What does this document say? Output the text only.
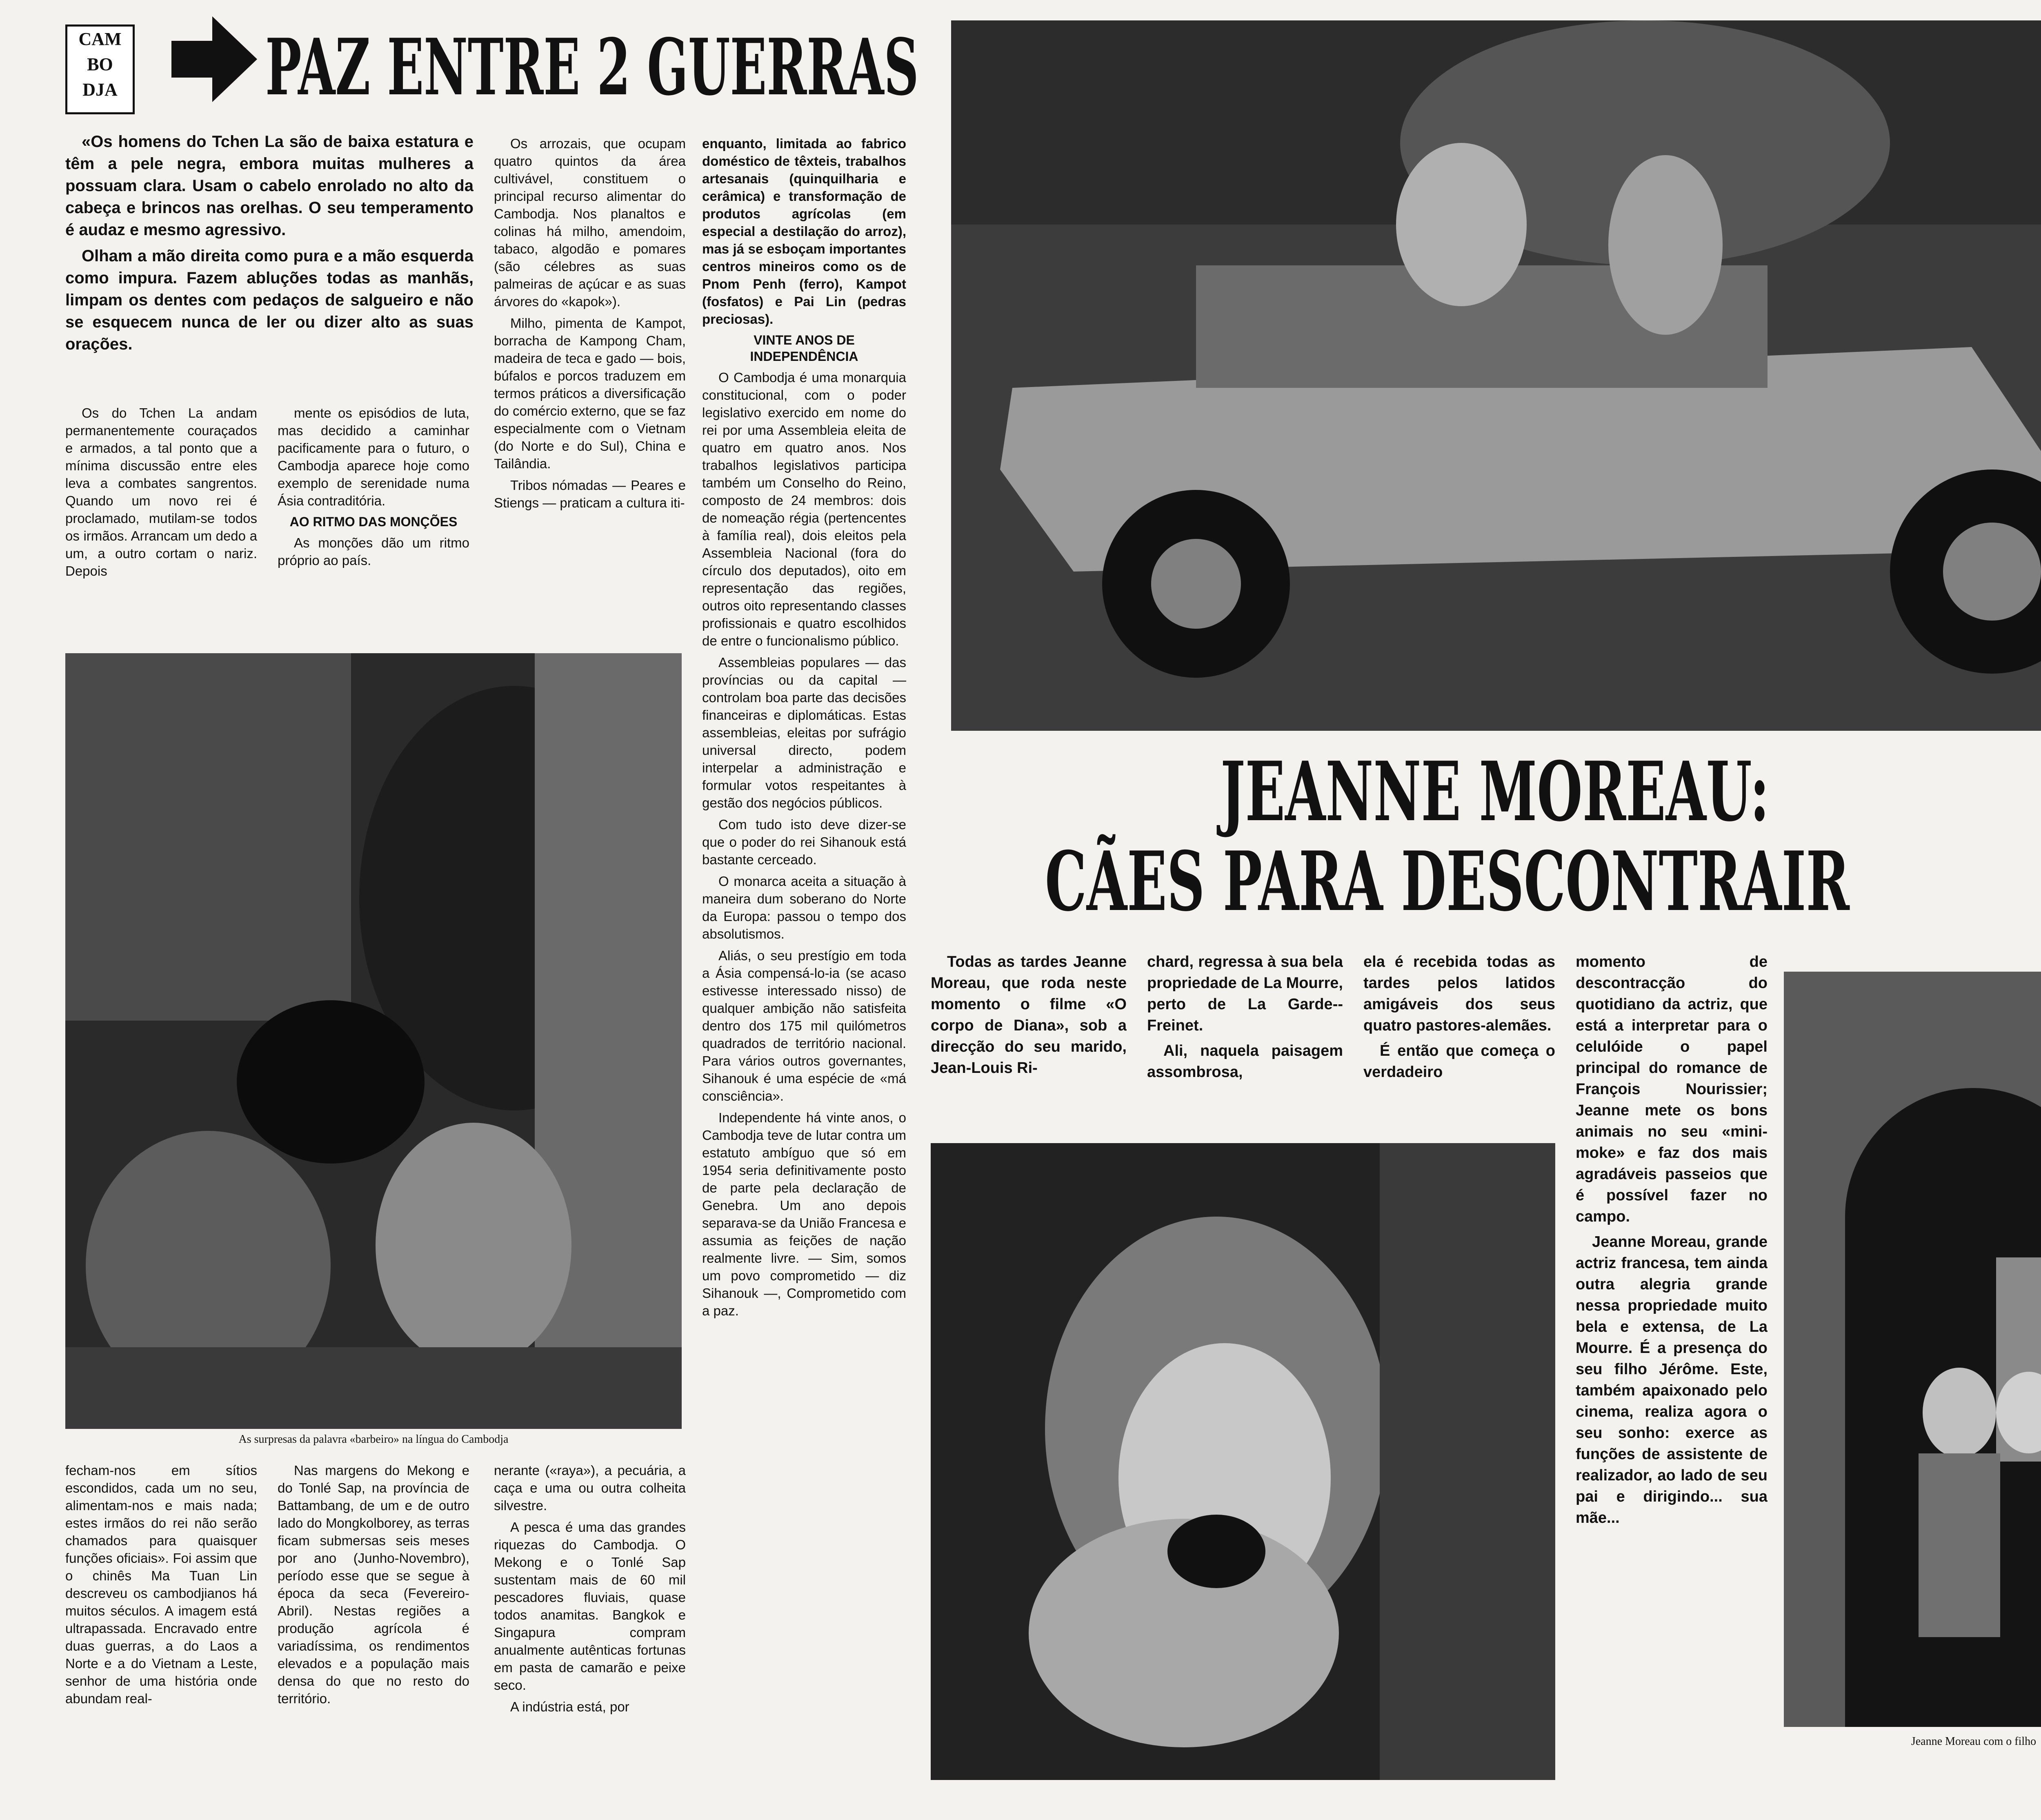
CAM
BO
DJA PAZ ENTRE 2 GUERRAS

«Os homens do Tchen La são de baixa estatura e têm a pele negra, embora muitas mulheres a possuam clara. Usam o cabelo enrolado no alto da cabeça e brincos nas orelhas. O seu temperamento é audaz e mesmo agressivo.

Olham a mão direita como pura e a mão esquerda como impura. Fazem abluções todas as manhãs, limpam os dentes com pedaços de salgueiro e não se esquecem nunca de ler ou dizer alto as suas orações.

Os do Tchen La andam permanentemente couraçados e armados, a tal ponto que a mínima discussão entre eles leva a combates sangrentos. Quando um novo rei é proclamado, mutilam-se todos os irmãos. Arrancam um dedo a um, a outro cortam o nariz. Depois

mente os episódios de luta, mas decidido a caminhar pacificamente para o futuro, o Cambodja aparece hoje como exemplo de serenidade numa Ásia contraditória.

AO RITMO DAS MONÇÕES

As monções dão um ritmo próprio ao país.

Os arrozais, que ocupam quatro quintos da área cultivável, constituem o principal recurso alimentar do Cambodja. Nos planaltos e colinas há milho, amendoim, tabaco, algodão e pomares (são célebres as suas palmeiras de açúcar e as suas árvores do «kapok»).

Milho, pimenta de Kampot, borracha de Kampong Cham, madeira de teca e gado — bois, búfalos e porcos traduzem em termos práticos a diversificação do comércio externo, que se faz especialmente com o Vietnam (do Norte e do Sul), China e Tailândia.

Tribos nómadas — Peares e Stiengs — praticam a cultura iti-

enquanto, limitada ao fabrico doméstico de têxteis, trabalhos artesanais (quinquilharia e cerâmica) e transformação de produtos agrícolas (em especial a destilação do arroz), mas já se esboçam importantes centros mineiros como os de Pnom Penh (ferro), Kampot (fosfatos) e Pai Lin (pedras preciosas).

VINTE ANOS DE INDEPENDÊNCIA

O Cambodja é uma monarquia constitucional, com o poder legislativo exercido em nome do rei por uma Assembleia eleita de quatro em quatro anos. Nos trabalhos legislativos participa também um Conselho do Reino, composto de 24 membros: dois de nomeação régia (pertencentes à família real), dois eleitos pela Assembleia Nacional (fora do círculo dos deputados), oito em representação das regiões, outros oito representando classes profissionais e quatro escolhidos de entre o funcionalismo público.

Assembleias populares — das províncias ou da capital — controlam boa parte das decisões financeiras e diplomáticas. Estas assembleias, eleitas por sufrágio universal directo, podem interpelar a administração e formular votos respeitantes à gestão dos negócios públicos.

Com tudo isto deve dizer-se que o poder do rei Sihanouk está bastante cerceado.

O monarca aceita a situação à maneira dum soberano do Norte da Europa: passou o tempo dos absolutismos.

Aliás, o seu prestígio em toda a Ásia compensá-lo-ia (se acaso estivesse interessado nisso) de qualquer ambição não satisfeita dentro dos 175 mil quilómetros quadrados de território nacional. Para vários outros governantes, Sihanouk é uma espécie de «má consciência».

Independente há vinte anos, o Cambodja teve de lutar contra um estatuto ambíguo que só em 1954 seria definitivamente posto de parte pela declaração de Genebra. Um ano depois separava-se da União Francesa e assumia as feições de nação realmente livre. — Sim, somos um povo comprometido — diz Sihanouk —, Comprometido com a paz.

As surpresas da palavra «barbeiro» na língua do Cambodja

fecham-nos em sítios escondidos, cada um no seu, alimentam-nos e mais nada; estes irmãos do rei não serão chamados para quaisquer funções oficiais». Foi assim que o chinês Ma Tuan Lin descreveu os cambodjianos há muitos séculos. A imagem está ultrapassada. Encravado entre duas guerras, a do Laos a Norte e a do Vietnam a Leste, senhor de uma história onde abundam real-

Nas margens do Mekong e do Tonlé Sap, na província de Battambang, de um e de outro lado do Mongkolborey, as terras ficam submersas seis meses por ano (Junho-Novembro), período esse que se segue à época da seca (Fevereiro-Abril). Nestas regiões a produção agrícola é variadíssima, os rendimentos elevados e a população mais densa do que no resto do território.

nerante («raya»), a pecuária, a caça e uma ou outra colheita silvestre.

A pesca é uma das grandes riquezas do Cambodja. O Mekong e o Tonlé Sap sustentam mais de 60 mil pescadores fluviais, quase todos anamitas. Bangkok e Singapura compram anualmente autênticas fortunas em pasta de camarão e peixe seco.

A indústria está, por

JEANNE MOREAU:
CÃES PARA DESCONTRAIR

Todas as tardes Jeanne Moreau, que roda neste momento o filme «O corpo de Diana», sob a direcção do seu marido, Jean-Louis Ri-

chard, regressa à sua bela propriedade de La Mourre, perto de La Garde--Freinet.

Ali, naquela paisagem assombrosa,

ela é recebida todas as tardes pelos latidos amigáveis dos seus quatro pastores-alemães.

É então que começa o verdadeiro

momento de descontracção do quotidiano da actriz, que está a interpretar para o celulóide o papel principal do romance de François Nourissier; Jeanne mete os bons animais no seu «mini-moke» e faz dos mais agradáveis passeios que é possível fazer no campo.

Jeanne Moreau, grande actriz francesa, tem ainda outra alegria grande nessa propriedade muito bela e extensa, de La Mourre. É a presença do seu filho Jérôme. Este, também apaixonado pelo cinema, realiza agora o seu sonho: exerce as funções de assistente de realizador, ao lado de seu pai e dirigindo... sua mãe...

Jeanne Moreau com o filho
